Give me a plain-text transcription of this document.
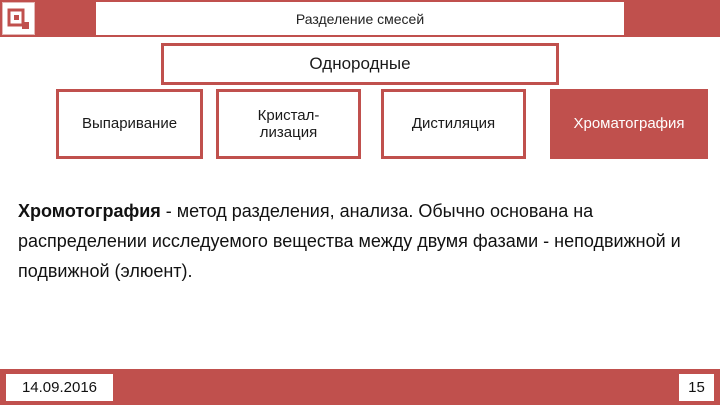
Разделение смесей
Однородные
Выпаривание
Кристал-
лизация
Дистиляция	Хроматография
Хромотография - метод разделения, анализа. Обычно основана на распределении исследуемого вещества между двумя фазами - неподвижной и подвижной (элюент).
14.09.2016	15
